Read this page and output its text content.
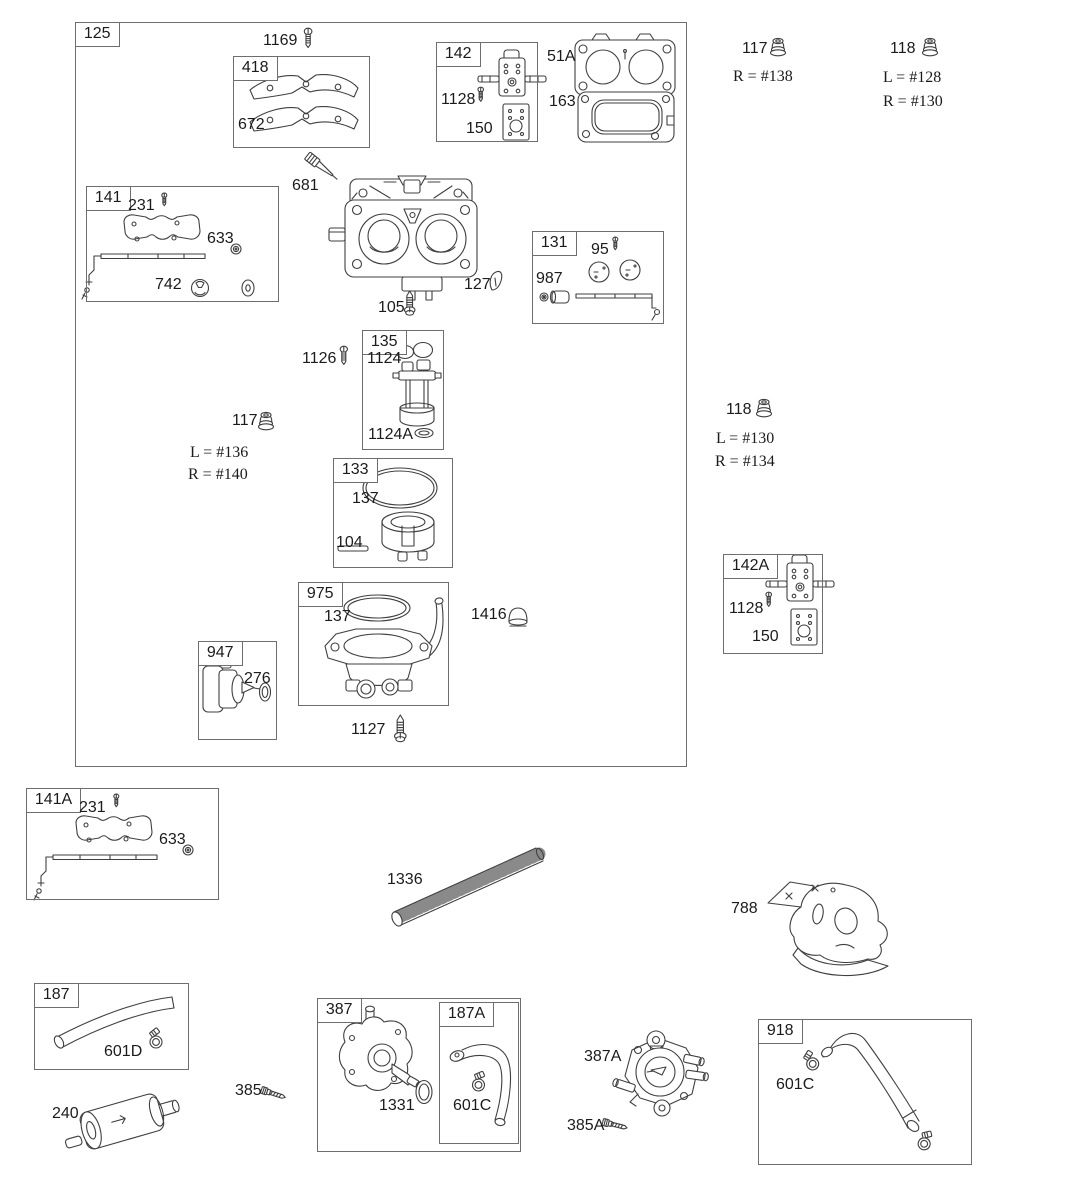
125
418
142
141
131
135
133
142A
975
947
141A
187
387	187A
918
1169
672
681
1128
150
51A
163
117
R = #138
118
L = #128
R = #130
231
633
742
95
987
127
105
1126 1124
1124A
117
L = #136
R = #140
137
104
118
L = #130
R = #134
1128
150
137	1416
276
1127
231
633
1336
788
601D
240
385
1331 601C
387A
385A
601C
